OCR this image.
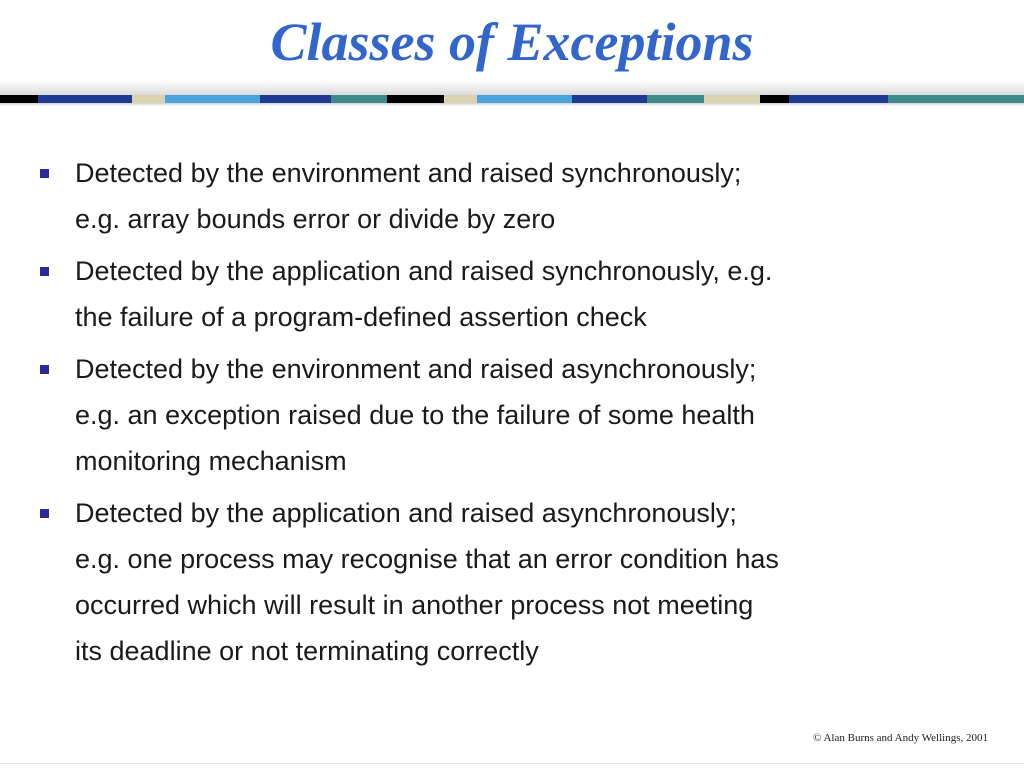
Classes of Exceptions
Detected by the environment and raised synchronously;
e.g. array bounds error or divide by zero
Detected by the application and raised synchronously, e.g.
the failure of a program-defined assertion check
Detected by the environment and raised asynchronously;
e.g. an exception raised due to the failure of some health
monitoring mechanism
Detected by the application and raised asynchronously;
e.g. one process may recognise that an error condition has
occurred which will result in another process not meeting
its deadline or not terminating correctly
© Alan Burns and Andy Wellings, 2001
